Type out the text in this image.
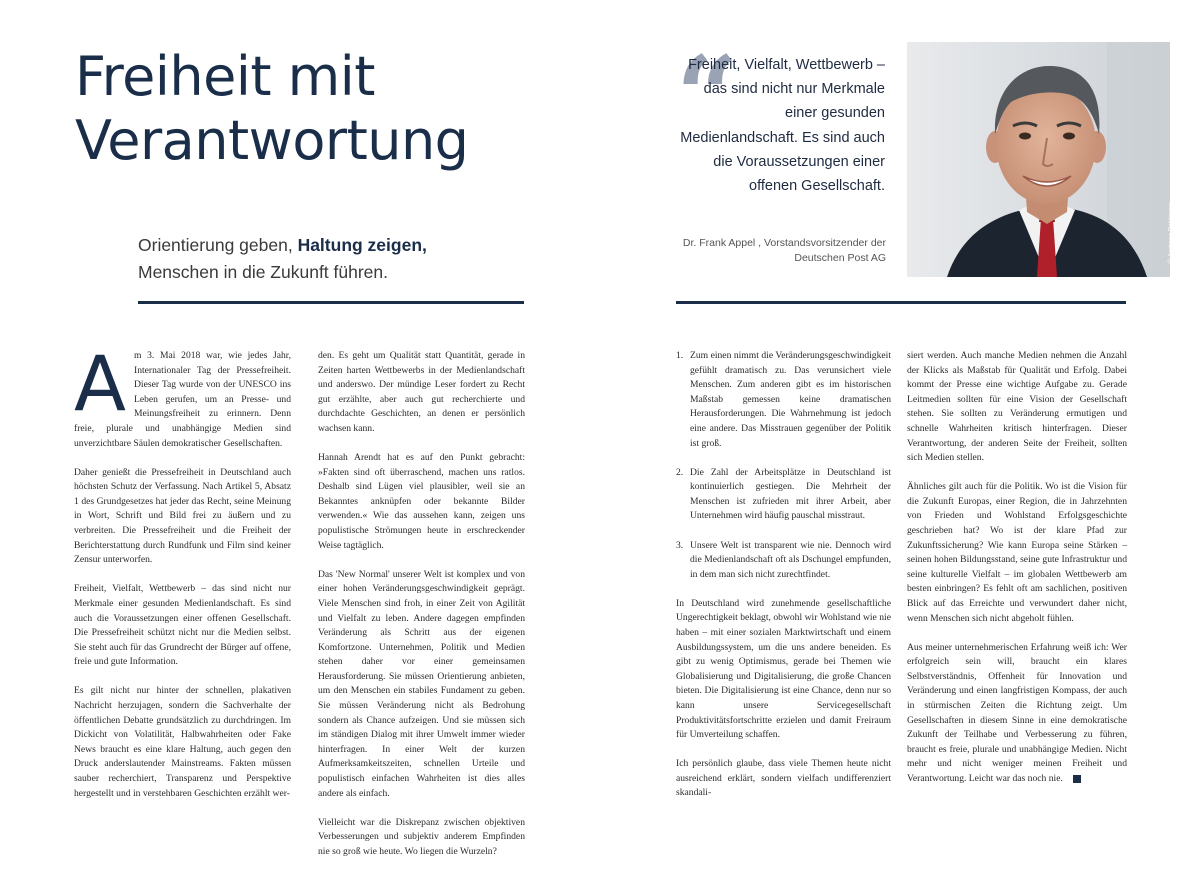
Freiheit mit
Verantwortung
Orientierung geben, Haltung zeigen,
Menschen in die Zukunft führen.
“
Freiheit, Vielfalt, Wettbewerb – das sind nicht nur Merkmale einer gesunden Medienlandschaft. Es sind auch die Voraussetzungen einer offenen Gesellschaft.
Dr. Frank Appel , Vorstandsvorsitzender der
Deutschen Post AG	© Andreas Pohlmann

Am 3. Mai 2018 war, wie jedes Jahr, Internationaler Tag der Pressefreiheit. Dieser Tag wurde von der UNESCO ins Leben gerufen, um an Presse- und Meinungsfreiheit zu erinnern. Denn freie, plurale und unabhängige Medien sind unverzichtbare Säulen demokratischer Gesellschaften.

Daher genießt die Pressefreiheit in Deutschland auch höchsten Schutz der Verfassung. Nach Artikel 5, Absatz 1 des Grundgesetzes hat jeder das Recht, seine Meinung in Wort, Schrift und Bild frei zu äußern und zu verbreiten. Die Pressefreiheit und die Freiheit der Berichterstattung durch Rundfunk und Film sind keiner Zensur unterworfen.

Freiheit, Vielfalt, Wettbewerb – das sind nicht nur Merkmale einer gesunden Medienlandschaft. Es sind auch die Voraussetzungen einer offenen Gesellschaft. Die Pressefreiheit schützt nicht nur die Medien selbst. Sie steht auch für das Grundrecht der Bürger auf offene, freie und gute Information.

Es gilt nicht nur hinter der schnellen, plakativen Nachricht herzujagen, sondern die Sachverhalte der öffentlichen Debatte grundsätzlich zu durchdringen. Im Dickicht von Volatilität, Halbwahrheiten oder Fake News braucht es eine klare Haltung, auch gegen den Druck anderslautender Mainstreams. Fakten müssen sauber recherchiert, Transparenz und Perspektive hergestellt und in verstehbaren Geschichten erzählt wer-

den. Es geht um Qualität statt Quantität, gerade in Zeiten harten Wettbewerbs in der Medienlandschaft und anderswo. Der mündige Leser fordert zu Recht gut erzählte, aber auch gut recherchierte und durchdachte Geschichten, an denen er persönlich wachsen kann.

Hannah Arendt hat es auf den Punkt gebracht: »Fakten sind oft überraschend, machen uns ratlos. Deshalb sind Lügen viel plausibler, weil sie an Bekanntes anknüpfen oder bekannte Bilder verwenden.« Wie das aussehen kann, zeigen uns populistische Strömungen heute in erschreckender Weise tagtäglich.

Das 'New Normal' unserer Welt ist komplex und von einer hohen Veränderungsgeschwindigkeit geprägt. Viele Menschen sind froh, in einer Zeit von Agilität und Vielfalt zu leben. Andere dagegen empfinden Veränderung als Schritt aus der eigenen Komfortzone. Unternehmen, Politik und Medien stehen daher vor einer gemeinsamen Herausforderung. Sie müssen Orientierung anbieten, um den Menschen ein stabiles Fundament zu geben. Sie müssen Veränderung nicht als Bedrohung sondern als Chance aufzeigen. Und sie müssen sich im ständigen Dialog mit ihrer Umwelt immer wieder hinterfragen. In einer Welt der kurzen Aufmerksamkeitszeiten, schnellen Urteile und populistisch einfachen Wahrheiten ist dies alles andere als einfach.

Vielleicht war die Diskrepanz zwischen objektiven Verbesserungen und subjektiv anderem Empfinden nie so groß wie heute. Wo liegen die Wurzeln?

1. Zum einen nimmt die Veränderungsgeschwindigkeit gefühlt dramatisch zu. Das verunsichert viele Menschen. Zum anderen gibt es im historischen Maßstab gemessen keine dramatischen Herausforderungen. Die Wahrnehmung ist jedoch eine andere. Das Misstrauen gegenüber der Politik ist groß.
2. Die Zahl der Arbeitsplätze in Deutschland ist kontinuierlich gestiegen. Die Mehrheit der Menschen ist zufrieden mit ihrer Arbeit, aber Unternehmen wird häufig pauschal misstraut.
3. Unsere Welt ist transparent wie nie. Dennoch wird die Medienlandschaft oft als Dschungel empfunden, in dem man sich nicht zurechtfindet.

In Deutschland wird zunehmende gesellschaftliche Ungerechtigkeit beklagt, obwohl wir Wohlstand wie nie haben – mit einer sozialen Marktwirtschaft und einem Ausbildungssystem, um die uns andere beneiden. Es gibt zu wenig Optimismus, gerade bei Themen wie Globalisierung und Digitalisierung, die große Chancen bieten. Die Digitalisierung ist eine Chance, denn nur so kann unsere Servicegesellschaft Produktivitätsfortschritte erzielen und damit Freiraum für Umverteilung schaffen.

Ich persönlich glaube, dass viele Themen heute nicht ausreichend erklärt, sondern vielfach undifferenziert skandali-

siert werden. Auch manche Medien nehmen die Anzahl der Klicks als Maßstab für Qualität und Erfolg. Dabei kommt der Presse eine wichtige Aufgabe zu. Gerade Leitmedien sollten für eine Vision der Gesellschaft stehen. Sie sollten zu Veränderung ermutigen und schnelle Wahrheiten kritisch hinterfragen. Dieser Verantwortung, der anderen Seite der Freiheit, sollten sich Medien stellen.

Ähnliches gilt auch für die Politik. Wo ist die Vision für die Zukunft Europas, einer Region, die in Jahrzehnten von Frieden und Wohlstand Erfolgsgeschichte geschrieben hat? Wo ist der klare Pfad zur Zukunftssicherung? Wie kann Europa seine Stärken – seinen hohen Bildungsstand, seine gute Infrastruktur und seine kulturelle Vielfalt – im globalen Wettbewerb am besten einbringen? Es fehlt oft am sachlichen, positiven Blick auf das Erreichte und verwundert daher nicht, wenn Menschen sich nicht abgeholt fühlen.

Aus meiner unternehmerischen Erfahrung weiß ich: Wer erfolgreich sein will, braucht ein klares Selbstverständnis, Offenheit für Innovation und Veränderung und einen langfristigen Kompass, der auch in stürmischen Zeiten die Richtung zeigt. Um Gesellschaften in diesem Sinne in eine demokratische Zukunft der Teilhabe und Verbesserung zu führen, braucht es freie, plurale und unabhängige Medien. Nicht mehr und nicht weniger meinen Freiheit und Verantwortung. Leicht war das noch nie.
